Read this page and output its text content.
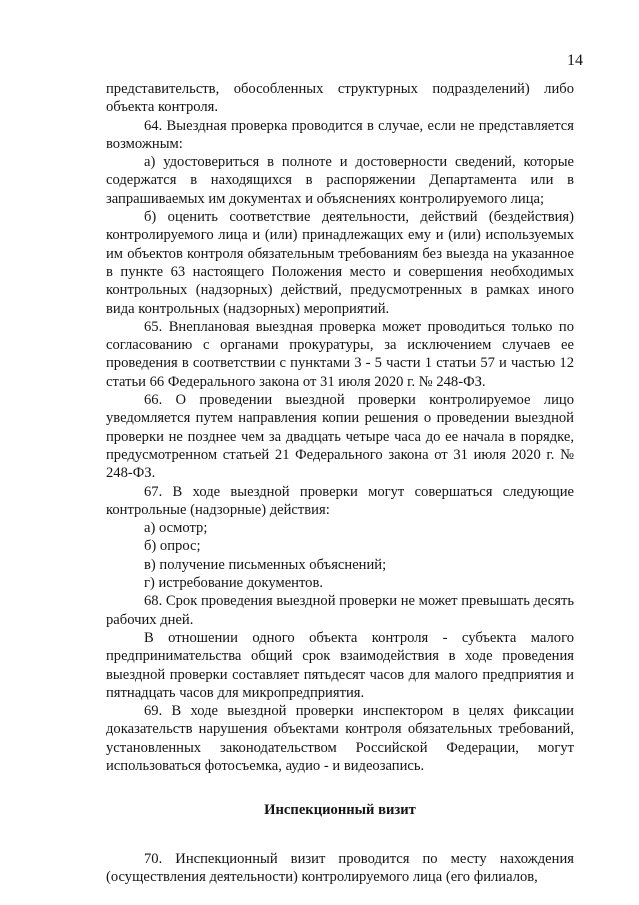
14

представительств, обособленных структурных подразделений) либо объекта контроля.

64. Выездная проверка проводится в случае, если не представляется возможным:

а) удостовериться в полноте и достоверности сведений, которые содержатся в находящихся в распоряжении Департамента или в запрашиваемых им документах и объяснениях контролируемого лица;

б) оценить соответствие деятельности, действий (бездействия) контролируемого лица и (или) принадлежащих ему и (или) используемых им объектов контроля обязательным требованиям без выезда на указанное в пункте 63 настоящего Положения место и совершения необходимых контрольных (надзорных) действий, предусмотренных в рамках иного вида контрольных (надзорных) мероприятий.

65. Внеплановая выездная проверка может проводиться только по согласованию с органами прокуратуры, за исключением случаев ее проведения в соответствии с пунктами 3 - 5 части 1 статьи 57 и частью 12 статьи 66 Федерального закона от 31 июля 2020 г. № 248-ФЗ.

66. О проведении выездной проверки контролируемое лицо уведомляется путем направления копии решения о проведении выездной проверки не позднее чем за двадцать четыре часа до ее начала в порядке, предусмотренном статьей 21 Федерального закона от 31 июля 2020 г. № 248-ФЗ.

67. В ходе выездной проверки могут совершаться следующие контрольные (надзорные) действия:

а) осмотр;

б) опрос;

в) получение письменных объяснений;

г) истребование документов.

68. Срок проведения выездной проверки не может превышать десять рабочих дней.

В отношении одного объекта контроля - субъекта малого предпринимательства общий срок взаимодействия в ходе проведения выездной проверки составляет пятьдесят часов для малого предприятия и пятнадцать часов для микропредприятия.

69. В ходе выездной проверки инспектором в целях фиксации доказательств нарушения объектами контроля обязательных требований, установленных законодательством Российской Федерации, могут использоваться фотосъемка, аудио - и видеозапись.

Инспекционный визит

70. Инспекционный визит проводится по месту нахождения (осуществления деятельности) контролируемого лица (его филиалов,
